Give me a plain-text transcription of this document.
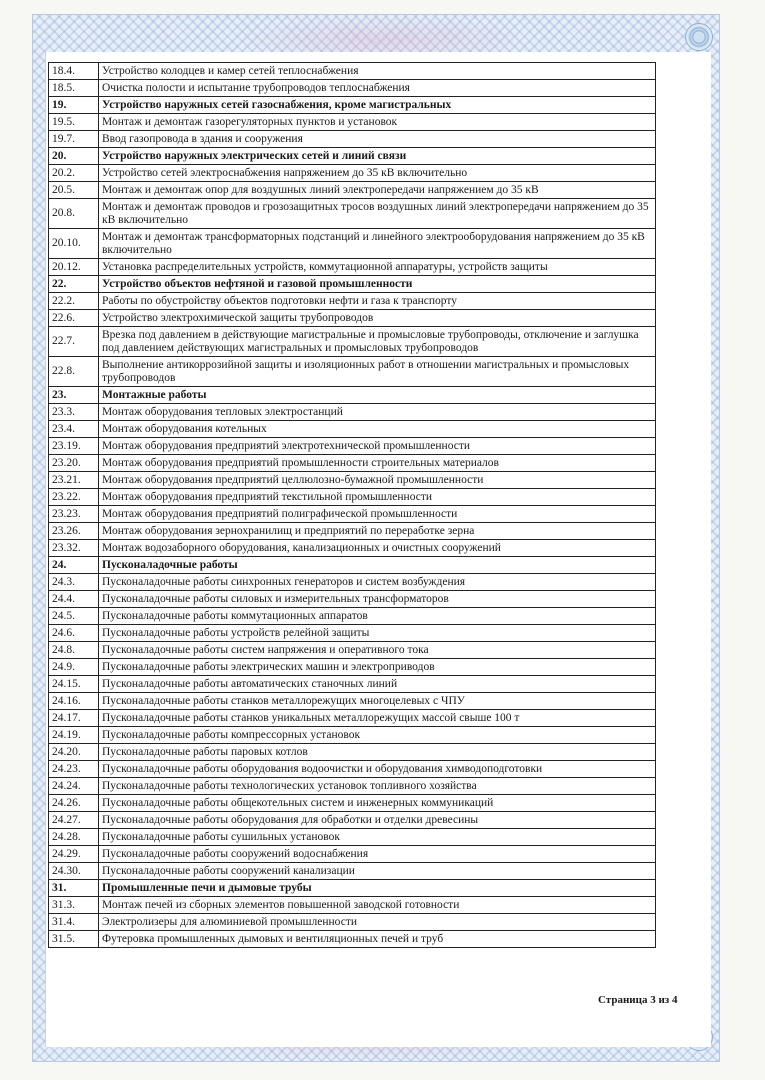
18.4.	Устройство колодцев и камер сетей теплоснабжения
18.5.	Очистка полости и испытание трубопроводов теплоснабжения
19.	Устройство наружных сетей газоснабжения, кроме магистральных
19.5.	Монтаж и демонтаж газорегуляторных пунктов и установок
19.7.	Ввод газопровода в здания и сооружения
20.	Устройство наружных электрических сетей и линий связи
20.2.	Устройство сетей электроснабжения напряжением до 35 кВ включительно
20.5.	Монтаж и демонтаж опор для воздушных линий электропередачи напряжением до 35 кВ
20.8.	Монтаж и демонтаж проводов и грозозащитных тросов воздушных линий электропередачи напряжением до 35 кВ включительно
20.10.	Монтаж и демонтаж трансформаторных подстанций и линейного электрооборудования напряжением до 35 кВ включительно
20.12.	Установка распределительных устройств, коммутационной аппаратуры, устройств защиты
22.	Устройство объектов нефтяной и газовой промышленности
22.2.	Работы по обустройству объектов подготовки нефти и газа к транспорту
22.6.	Устройство электрохимической защиты трубопроводов
22.7.	Врезка под давлением в действующие магистральные и промысловые трубопроводы, отключение и заглушка под давлением действующих магистральных и промысловых трубопроводов
22.8.	Выполнение антикоррозийной защиты и изоляционных работ в отношении магистральных и промысловых трубопроводов
23.	Монтажные работы
23.3.	Монтаж оборудования тепловых электростанций
23.4.	Монтаж оборудования котельных
23.19.	Монтаж оборудования предприятий электротехнической промышленности
23.20.	Монтаж оборудования предприятий промышленности строительных материалов
23.21.	Монтаж оборудования предприятий целлюлозно-бумажной промышленности
23.22.	Монтаж оборудования предприятий текстильной промышленности
23.23.	Монтаж оборудования предприятий полиграфической промышленности
23.26.	Монтаж оборудования зернохранилищ и предприятий по переработке зерна
23.32.	Монтаж водозаборного оборудования, канализационных и очистных сооружений
24.	Пусконаладочные работы
24.3.	Пусконаладочные работы синхронных генераторов и систем возбуждения
24.4.	Пусконаладочные работы силовых и измерительных трансформаторов
24.5.	Пусконаладочные работы коммутационных аппаратов
24.6.	Пусконаладочные работы устройств релейной защиты
24.8.	Пусконаладочные работы систем напряжения и оперативного тока
24.9.	Пусконаладочные работы электрических машин и электроприводов
24.15.	Пусконаладочные работы автоматических станочных линий
24.16.	Пусконаладочные работы станков металлорежущих многоцелевых с ЧПУ
24.17.	Пусконаладочные работы станков уникальных металлорежущих массой свыше 100 т
24.19.	Пусконаладочные работы компрессорных установок
24.20.	Пусконаладочные работы паровых котлов
24.23.	Пусконаладочные работы оборудования водоочистки и оборудования химводоподготовки
24.24.	Пусконаладочные работы технологических установок топливного хозяйства
24.26.	Пусконаладочные работы общекотельных систем и инженерных коммуникаций
24.27.	Пусконаладочные работы оборудования для обработки и отделки древесины
24.28.	Пусконаладочные работы сушильных установок
24.29.	Пусконаладочные работы сооружений водоснабжения
24.30.	Пусконаладочные работы сооружений канализации
31.	Промышленные печи и дымовые трубы
31.3.	Монтаж печей из сборных элементов повышенной заводской готовности
31.4.	Электролизеры для алюминиевой промышленности
31.5.	Футеровка промышленных дымовых и вентиляционных печей и труб
Страница 3 из 4
